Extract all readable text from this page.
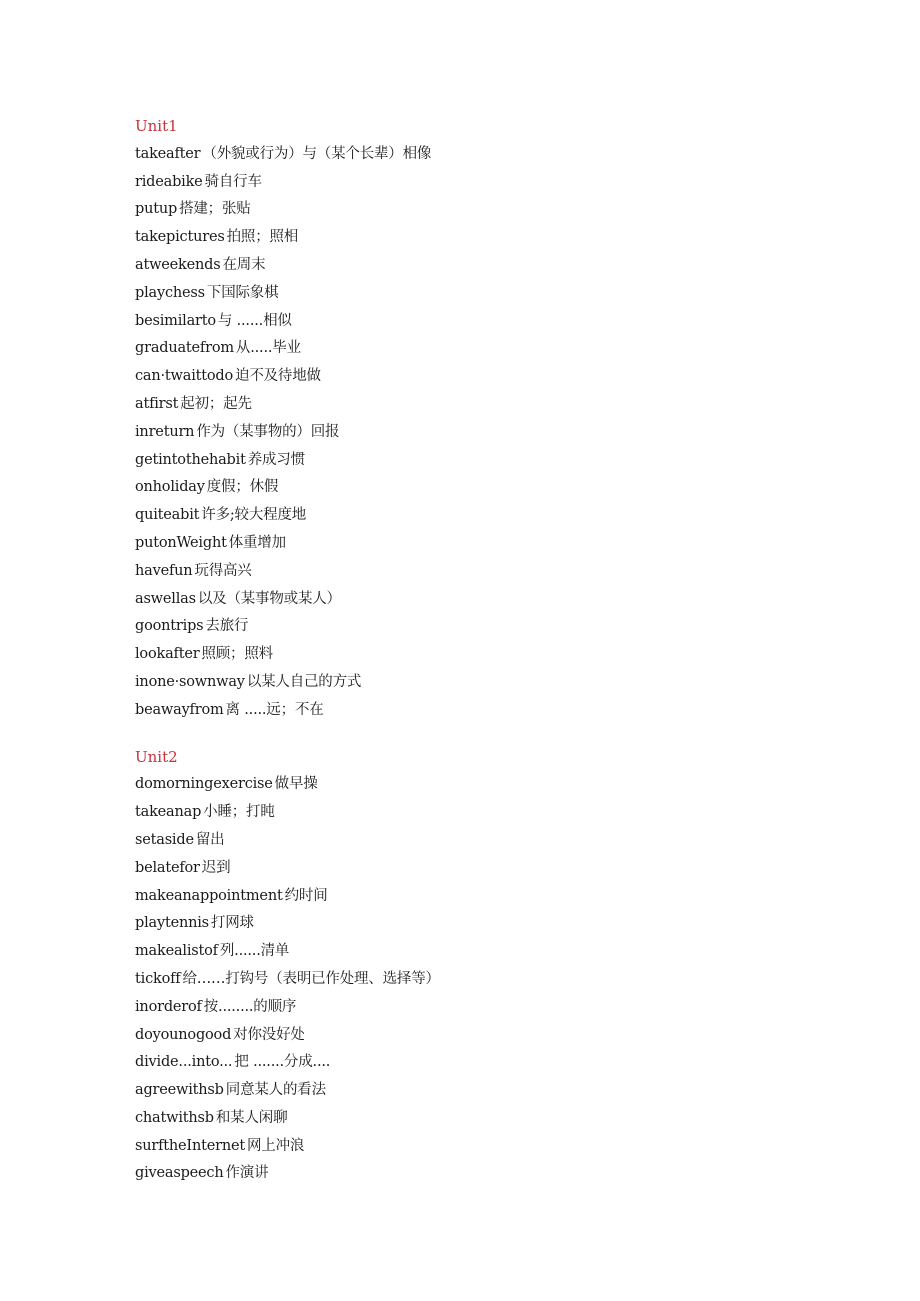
Unit1
takeafter （外貌或行为）与（某个长辈）相像
rideabike 骑自行车
putup 搭建；张贴
takepictures 拍照；照相
atweekends 在周末
playchess 下国际象棋
besimilarto 与 ......相似
graduatefrom 从.....毕业
can·twaittodo 迫不及待地做
atfirst 起初；起先
inreturn 作为（某事物的）回报
getintothehabit 养成习惯
onholiday 度假；休假
quiteabit 许多;较大程度地
putonWeight 体重增加
havefun 玩得高兴
aswellas 以及（某事物或某人）
goontrips 去旅行
lookafter 照顾；照料
inone·sownway 以某人自己的方式
beawayfrom 离 .....远；不在
Unit2
domorningexercise 做早操
takeanap 小睡；打盹
setaside 留出
belatefor 迟到
makeanappointment 约时间
playtennis 打网球
makealistof 列......清单
tickoff 给……打钩号（表明已作处理、选择等）
inorderof 按........的顺序
doyounogood 对你没好处
divide...into... 把 .......分成....
agreewithsb 同意某人的看法
chatwithsb 和某人闲聊
surftheInternet 网上冲浪
giveaspeech 作演讲
